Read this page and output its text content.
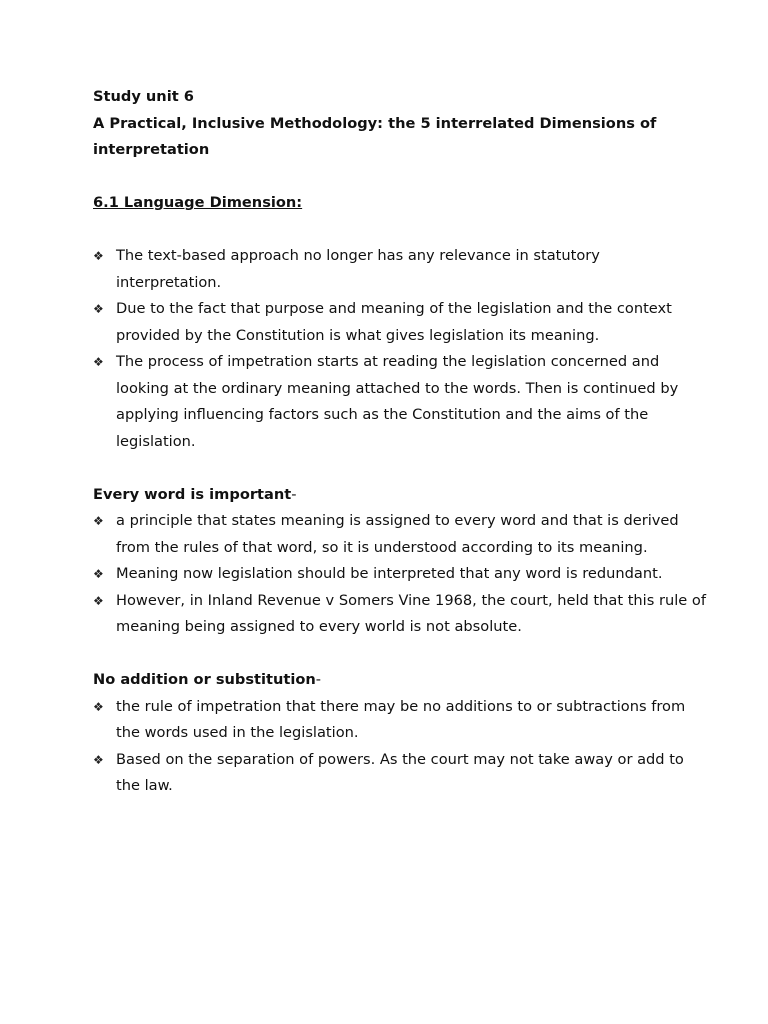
Study unit 6

A Practical, Inclusive Methodology: the 5 interrelated Dimensions of

interpretation

6.1 Language Dimension:

❖ The text-based approach no longer has any relevance in statutory interpretation.
❖ Due to the fact that purpose and meaning of the legislation and the context provided by the Constitution is what gives legislation its meaning.
❖ The process of impetration starts at reading the legislation concerned and looking at the ordinary meaning attached to the words. Then is continued by applying influencing factors such as the Constitution and the aims of the legislation.

Every word is important-

❖ a principle that states meaning is assigned to every word and that is derived from the rules of that word, so it is understood according to its meaning.
❖ Meaning now legislation should be interpreted that any word is redundant.
❖ However, in Inland Revenue v Somers Vine 1968, the court, held that this rule of meaning being assigned to every world is not absolute.

No addition or substitution-

❖ the rule of impetration that there may be no additions to or subtractions from the words used in the legislation.
❖ Based on the separation of powers. As the court may not take away or add to the law.
